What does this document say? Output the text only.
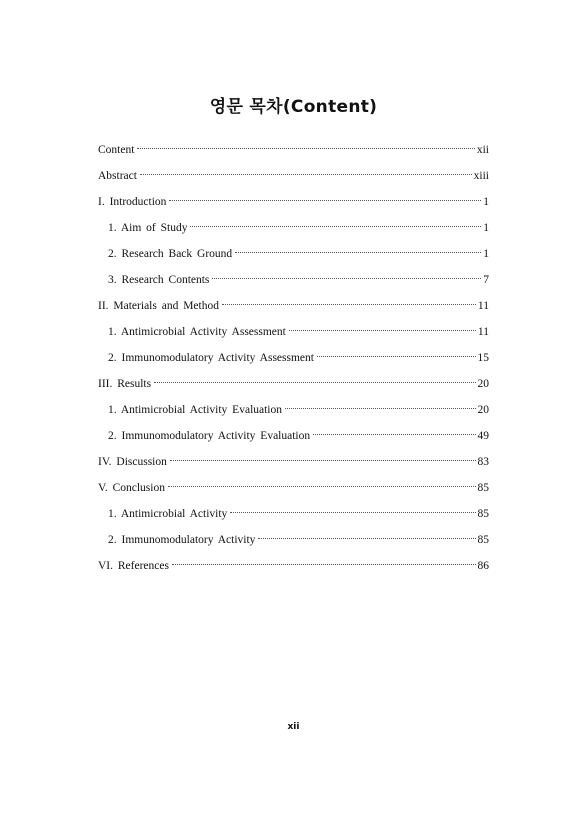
영문 목차(Content)
Content	xii
Abstract	xiii
I. Introduction	1
1. Aim of Study	1
2. Research Back Ground	1
3. Research Contents	7
II. Materials and Method	11
1. Antimicrobial Activity Assessment	11
2. Immunomodulatory Activity Assessment	15
III. Results	20
1. Antimicrobial Activity Evaluation	20
2. Immunomodulatory Activity Evaluation	49
IV. Discussion	83
V. Conclusion	85
1. Antimicrobial Activity	85
2. Immunomodulatory Activity	85
VI. References	86
xii
